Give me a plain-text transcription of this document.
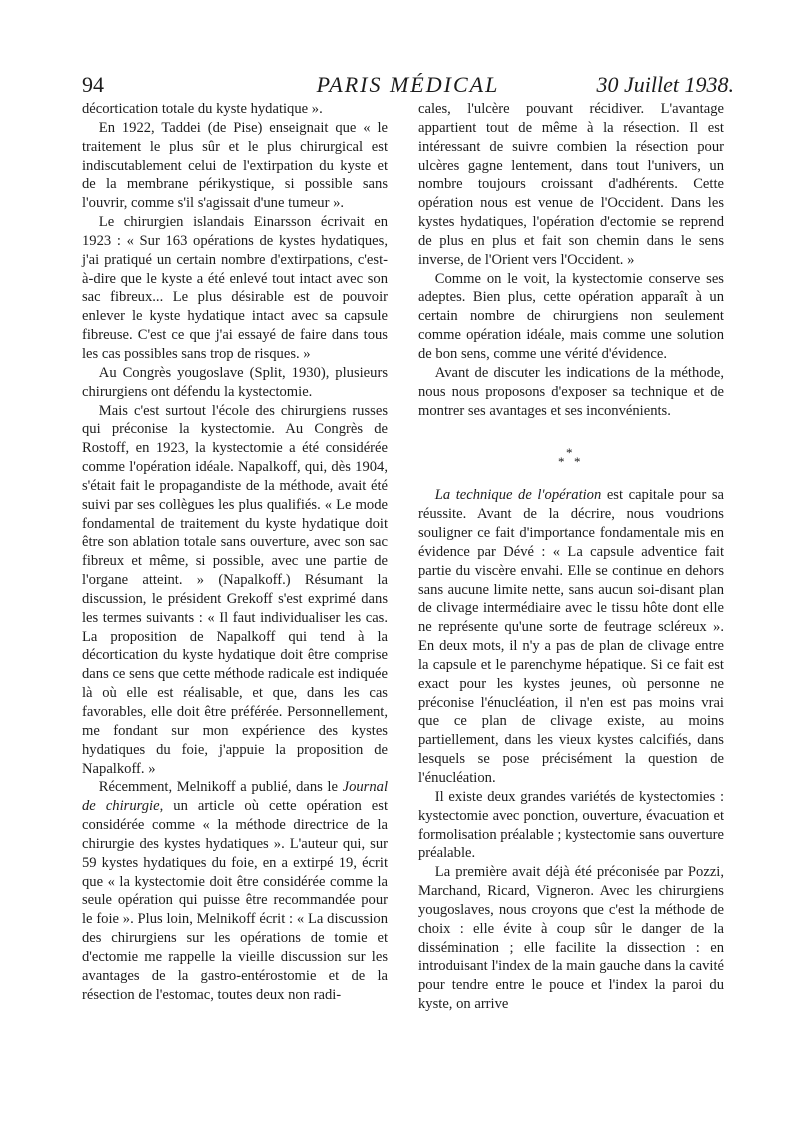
94	PARIS MÉDICAL	30 Juillet 1938.

décortication totale du kyste hydatique ».

En 1922, Taddei (de Pise) enseignait que « le traitement le plus sûr et le plus chirurgical est indiscutablement celui de l'extirpation du kyste et de la membrane périkystique, si possible sans l'ouvrir, comme s'il s'agissait d'une tumeur ».

Le chirurgien islandais Einarsson écrivait en 1923 : « Sur 163 opérations de kystes hydatiques, j'ai pratiqué un certain nombre d'extirpations, c'est-à-dire que le kyste a été enlevé tout intact avec son sac fibreux... Le plus désirable est de pouvoir enlever le kyste hydatique intact avec sa capsule fibreuse. C'est ce que j'ai essayé de faire dans tous les cas possibles sans trop de risques. »

Au Congrès yougoslave (Split, 1930), plusieurs chirurgiens ont défendu la kystectomie.

Mais c'est surtout l'école des chirurgiens russes qui préconise la kystectomie. Au Congrès de Rostoff, en 1923, la kystectomie a été considérée comme l'opération idéale. Napalkoff, qui, dès 1904, s'était fait le propagandiste de la méthode, avait été suivi par ses collègues les plus qualifiés. « Le mode fondamental de traitement du kyste hydatique doit être son ablation totale sans ouverture, avec son sac fibreux et même, si possible, avec une partie de l'organe atteint. » (Napalkoff.) Résumant la discussion, le président Grekoff s'est exprimé dans les termes suivants : « Il faut individualiser les cas. La proposition de Napalkoff qui tend à la décortication du kyste hydatique doit être comprise dans ce sens que cette méthode radicale est indiquée là où elle est réalisable, et que, dans les cas favorables, elle doit être préférée. Personnellement, me fondant sur mon expérience des kystes hydatiques du foie, j'appuie la proposition de Napalkoff. »

Récemment, Melnikoff a publié, dans le Journal de chirurgie, un article où cette opération est considérée comme « la méthode directrice de la chirurgie des kystes hydatiques ». L'auteur qui, sur 59 kystes hydatiques du foie, en a extirpé 19, écrit que « la kystectomie doit être considérée comme la seule opération qui puisse être recommandée pour le foie ». Plus loin, Melnikoff écrit : « La discussion des chirurgiens sur les opérations de tomie et d'ectomie me rappelle la vieille discussion sur les avantages de la gastro-entérostomie et de la résection de l'estomac, toutes deux non radi-

cales, l'ulcère pouvant récidiver. L'avantage appartient tout de même à la résection. Il est intéressant de suivre combien la résection pour ulcères gagne lentement, dans tout l'univers, un nombre toujours croissant d'adhérents. Cette opération nous est venue de l'Occident. Dans les kystes hydatiques, l'opération d'ectomie se reprend de plus en plus et fait son chemin dans le sens inverse, de l'Orient vers l'Occident. »

Comme on le voit, la kystectomie conserve ses adeptes. Bien plus, cette opération apparaît à un certain nombre de chirurgiens non seulement comme opération idéale, mais comme une solution de bon sens, comme une vérité d'évidence.

Avant de discuter les indications de la méthode, nous nous proposons d'exposer sa technique et de montrer ses avantages et ses inconvénients.

*
* *

La technique de l'opération est capitale pour sa réussite. Avant de la décrire, nous voudrions souligner ce fait d'importance fondamentale mis en évidence par Dévé : « La capsule adventice fait partie du viscère envahi. Elle se continue en dehors sans aucune limite nette, sans aucun soi-disant plan de clivage intermédiaire avec le tissu hôte dont elle ne représente qu'une sorte de feutrage scléreux ». En deux mots, il n'y a pas de plan de clivage entre la capsule et le parenchyme hépatique. Si ce fait est exact pour les kystes jeunes, où personne ne préconise l'énucléation, il n'en est pas moins vrai que ce plan de clivage existe, au moins partiellement, dans les vieux kystes calcifiés, dans lesquels se pose précisément la question de l'énucléation.

Il existe deux grandes variétés de kystectomies : kystectomie avec ponction, ouverture, évacuation et formolisation préalable ; kystectomie sans ouverture préalable.

La première avait déjà été préconisée par Pozzi, Marchand, Ricard, Vigneron. Avec les chirurgiens yougoslaves, nous croyons que c'est la méthode de choix : elle évite à coup sûr le danger de la dissémination ; elle facilite la dissection : en introduisant l'index de la main gauche dans la cavité pour tendre entre le pouce et l'index la paroi du kyste, on arrive
